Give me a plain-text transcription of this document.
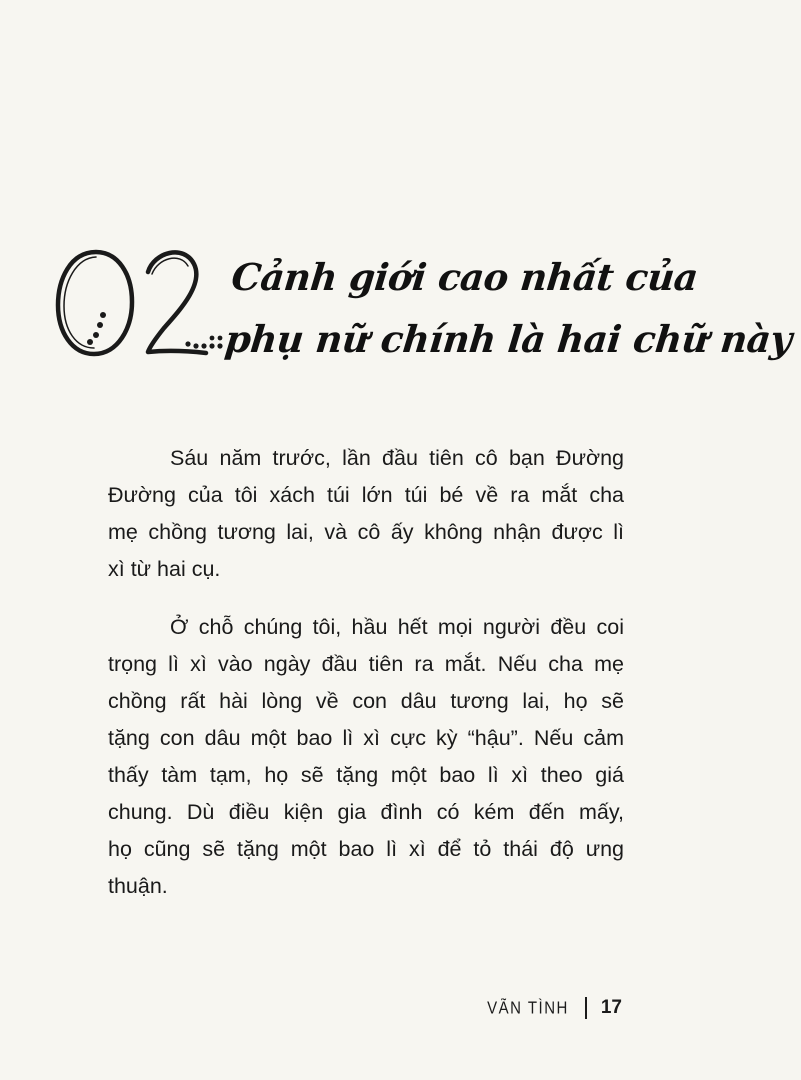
Cảnh giới cao nhất của
phụ nữ chính là hai chữ này

Sáu năm trước, lần đầu tiên cô bạn Đường
Đường của tôi xách túi lớn túi bé về ra mắt cha
mẹ chồng tương lai, và cô ấy không nhận được lì
xì từ hai cụ.

Ở chỗ chúng tôi, hầu hết mọi người đều coi
trọng lì xì vào ngày đầu tiên ra mắt. Nếu cha mẹ
chồng rất hài lòng về con dâu tương lai, họ sẽ
tặng con dâu một bao lì xì cực kỳ “hậu”. Nếu cảm
thấy tàm tạm, họ sẽ tặng một bao lì xì theo giá
chung. Dù điều kiện gia đình có kém đến mấy,
họ cũng sẽ tặng một bao lì xì để tỏ thái độ ưng
thuận.

VÃN TÌNH 17
